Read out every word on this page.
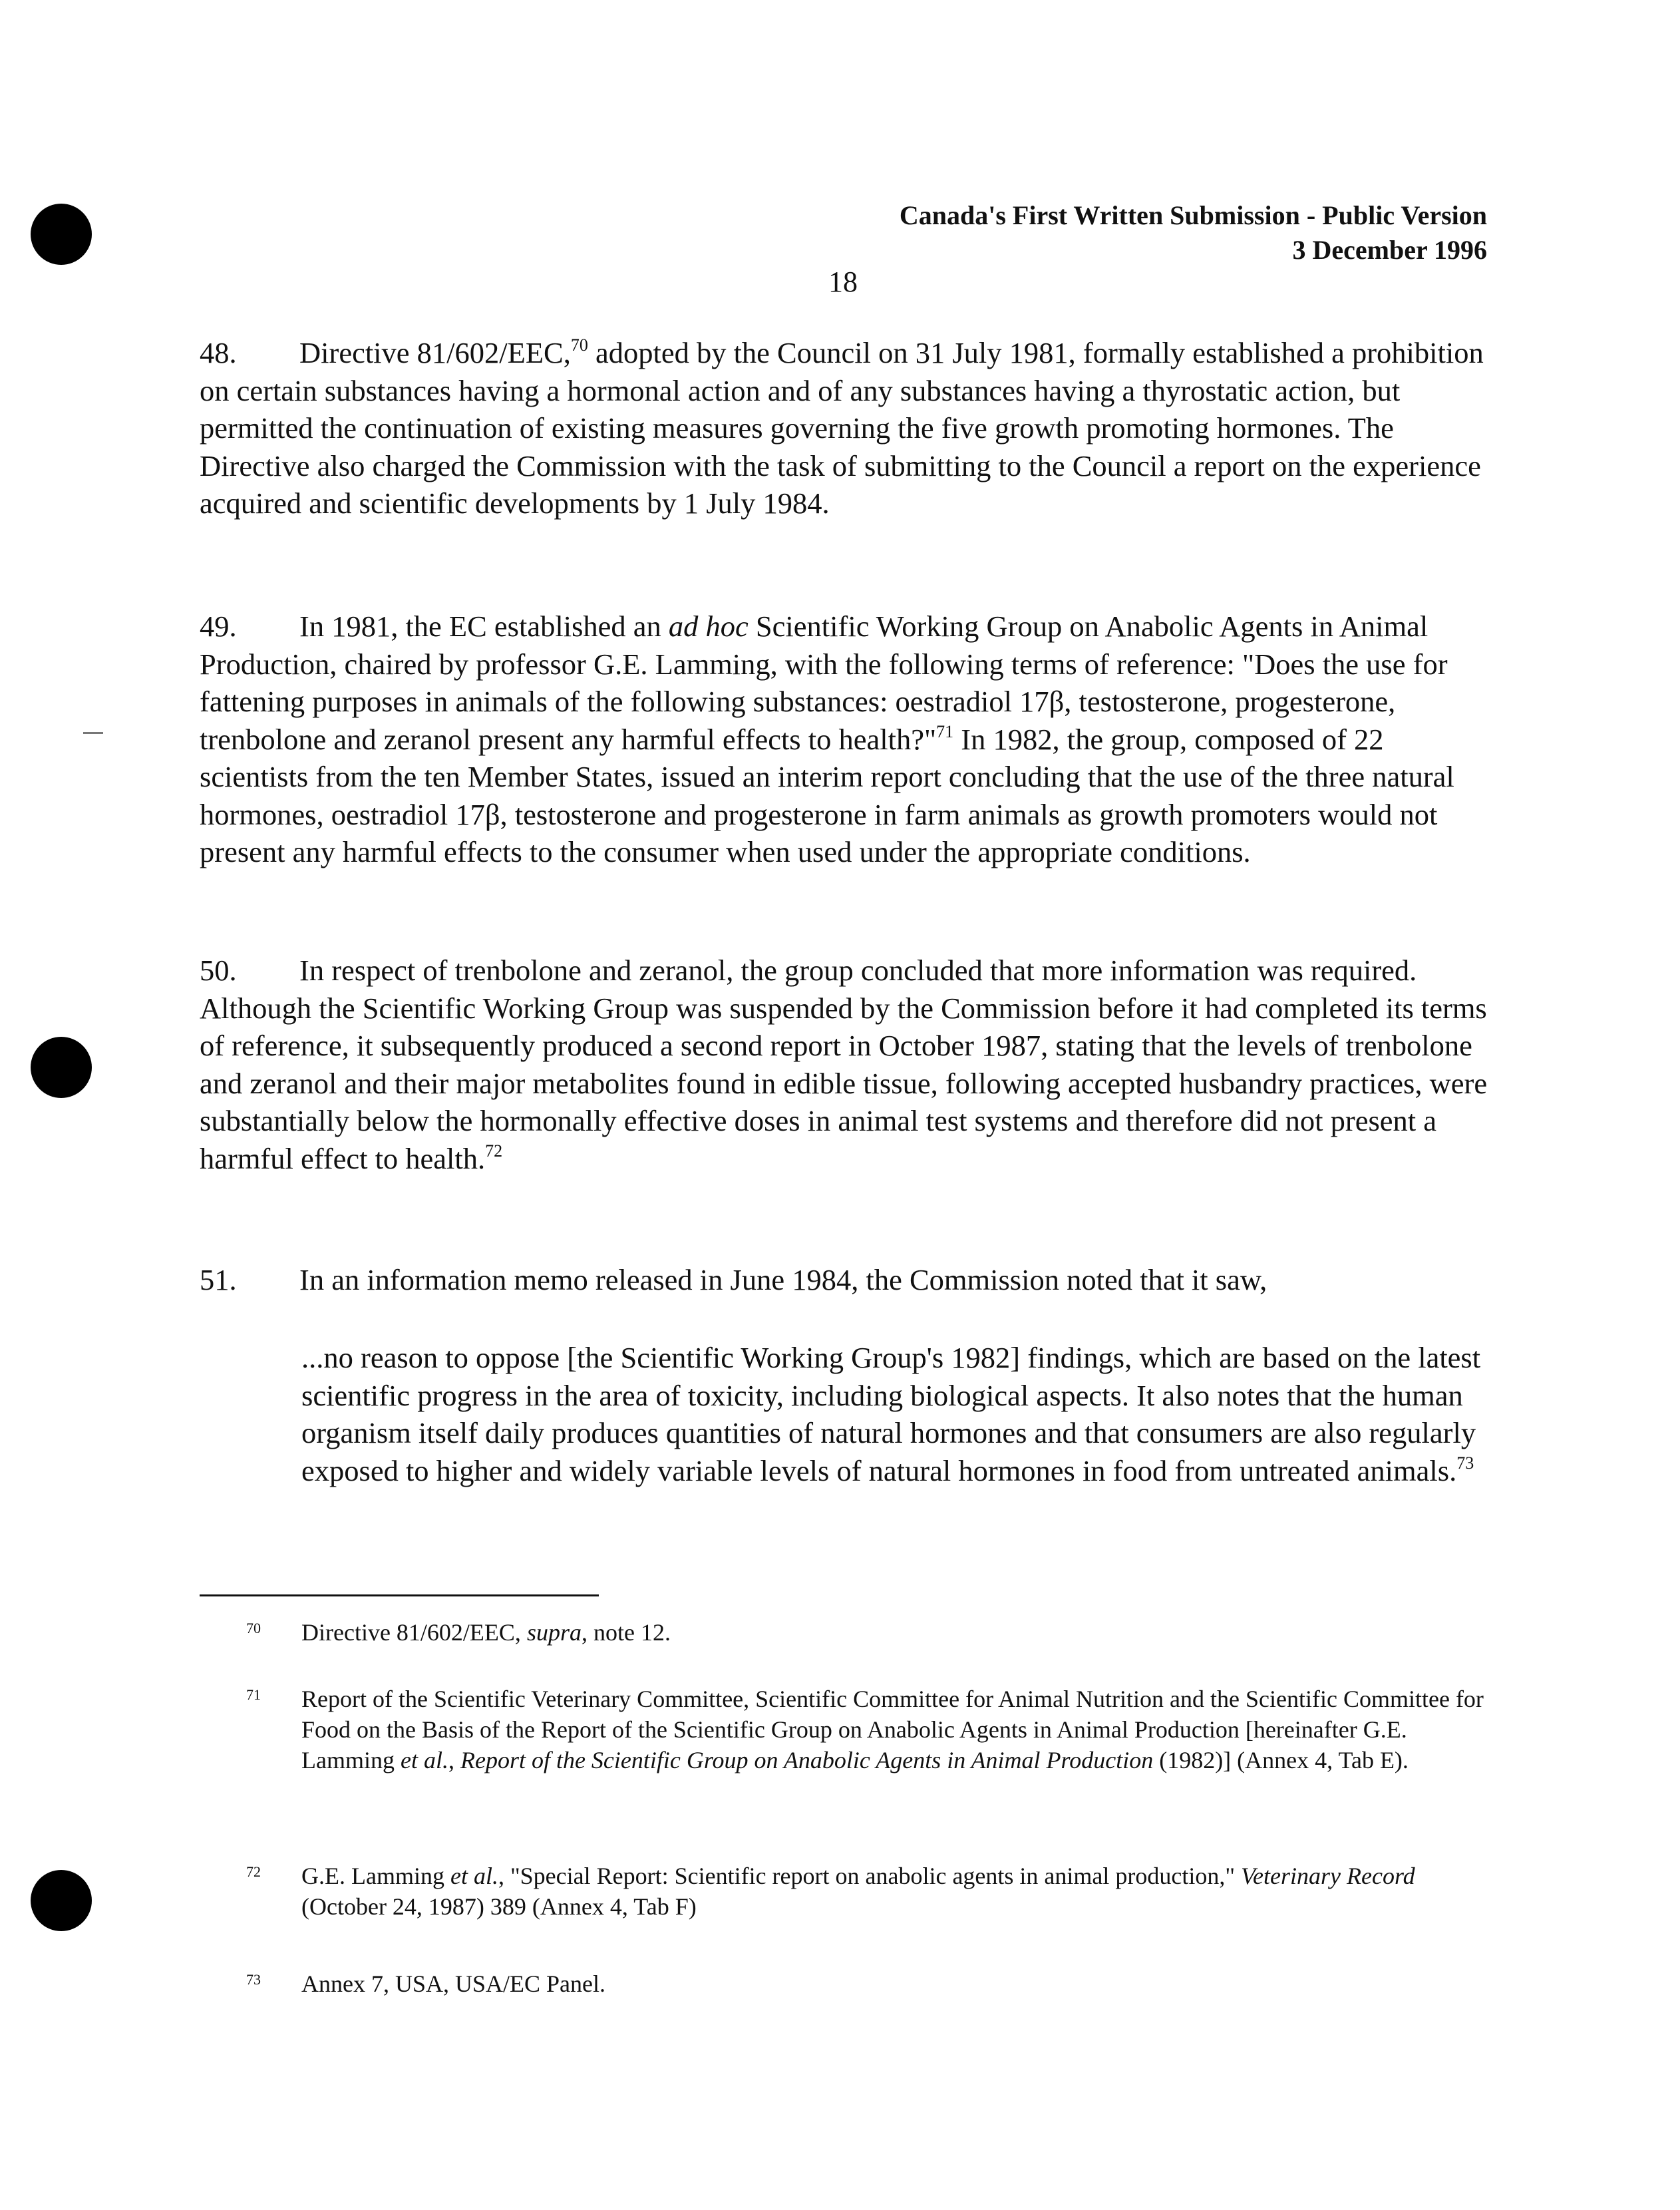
Canada's First Written Submission - Public Version
3 December 1996
18

48. Directive 81/602/EEC,$^{70}$ adopted by the Council on 31 July 1981, formally established a prohibition on certain substances having a hormonal action and of any substances having a thyrostatic action, but permitted the continuation of existing measures governing the five growth promoting hormones. The Directive also charged the Commission with the task of submitting to the Council a report on the experience acquired and scientific developments by 1 July 1984.

49. In 1981, the EC established an ad hoc Scientific Working Group on Anabolic Agents in Animal Production, chaired by professor G.E. Lamming, with the following terms of reference: "Does the use for fattening purposes in animals of the following substances: oestradiol 17β, testosterone, progesterone, trenbolone and zeranol present any harmful effects to health?"$^{71}$ In 1982, the group, composed of 22 scientists from the ten Member States, issued an interim report concluding that the use of the three natural hormones, oestradiol 17β, testosterone and progesterone in farm animals as growth promoters would not present any harmful effects to the consumer when used under the appropriate conditions.

50. In respect of trenbolone and zeranol, the group concluded that more information was required. Although the Scientific Working Group was suspended by the Commission before it had completed its terms of reference, it subsequently produced a second report in October 1987, stating that the levels of trenbolone and zeranol and their major metabolites found in edible tissue, following accepted husbandry practices, were substantially below the hormonally effective doses in animal test systems and therefore did not present a harmful effect to health.$^{72}$

51. In an information memo released in June 1984, the Commission noted that it saw,

...no reason to oppose [the Scientific Working Group's 1982] findings, which are based on the latest scientific progress in the area of toxicity, including biological aspects. It also notes that the human organism itself daily produces quantities of natural hormones and that consumers are also regularly exposed to higher and widely variable levels of natural hormones in food from untreated animals.$^{73}$
70 Directive 81/602/EEC, supra, note 12.
71 Report of the Scientific Veterinary Committee, Scientific Committee for Animal Nutrition and the Scientific Committee for Food on the Basis of the Report of the Scientific Group on Anabolic Agents in Animal Production [hereinafter G.E. Lamming et al., Report of the Scientific Group on Anabolic Agents in Animal Production (1982)] (Annex 4, Tab E).
72 G.E. Lamming et al., "Special Report: Scientific report on anabolic agents in animal production," Veterinary Record (October 24, 1987) 389 (Annex 4, Tab F)
73 Annex 7, USA, USA/EC Panel.
